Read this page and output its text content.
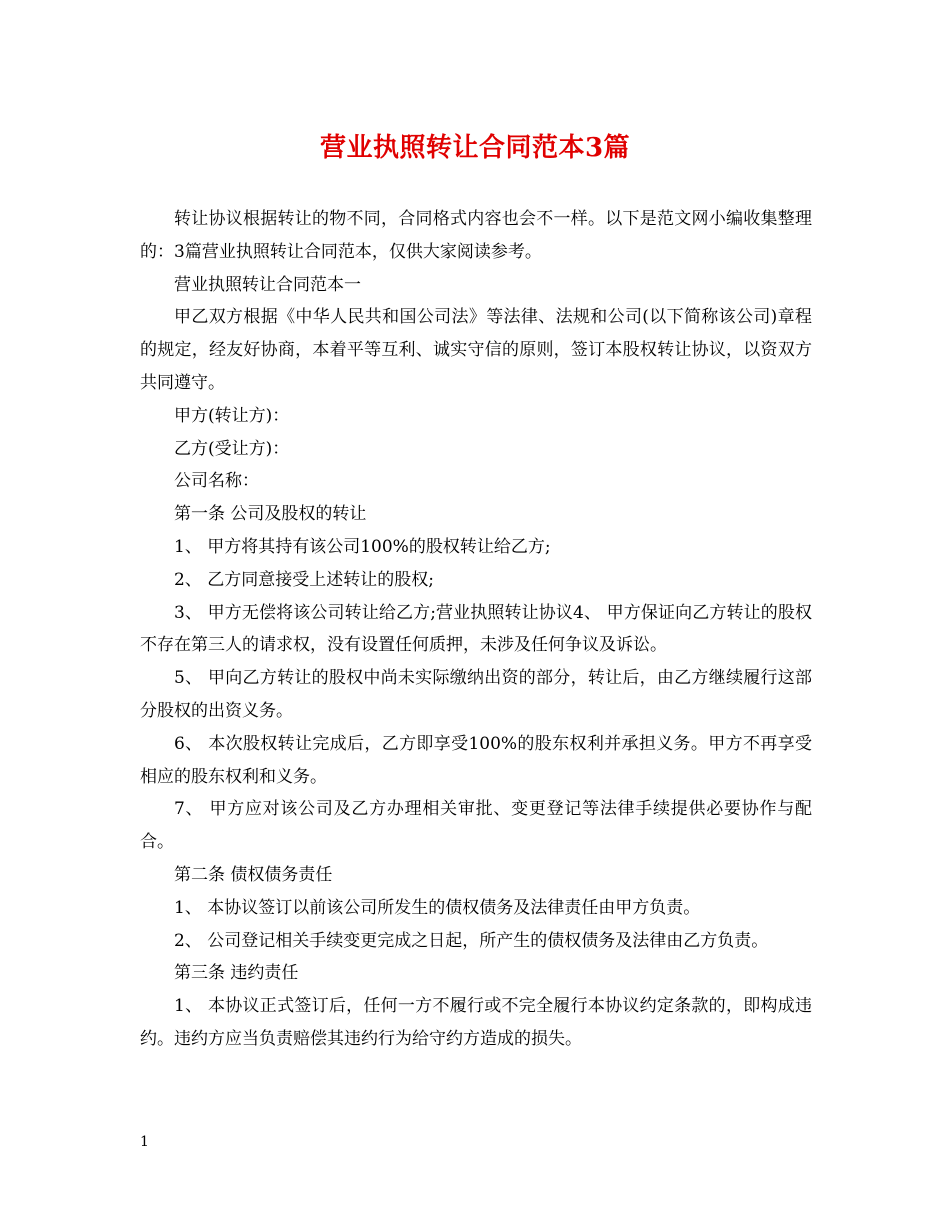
营业执照转让合同范本3篇

转让协议根据转让的物不同，合同格式内容也会不一样。以下是范文网小编收集整理的：3篇营业执照转让合同范本，仅供大家阅读参考。

营业执照转让合同范本一

甲乙双方根据《中华人民共和国公司法》等法律、法规和公司(以下简称该公司)章程的规定，经友好协商，本着平等互利、诚实守信的原则，签订本股权转让协议，以资双方共同遵守。

甲方(转让方)：

乙方(受让方)：

公司名称：

第一条 公司及股权的转让

1、 甲方将其持有该公司100%的股权转让给乙方;

2、 乙方同意接受上述转让的股权;

3、 甲方无偿将该公司转让给乙方;营业执照转让协议4、 甲方保证向乙方转让的股权不存在第三人的请求权，没有设置任何质押，未涉及任何争议及诉讼。

5、 甲向乙方转让的股权中尚未实际缴纳出资的部分，转让后，由乙方继续履行这部分股权的出资义务。

6、 本次股权转让完成后，乙方即享受100%的股东权利并承担义务。甲方不再享受相应的股东权利和义务。

7、 甲方应对该公司及乙方办理相关审批、变更登记等法律手续提供必要协作与配合。

第二条 债权债务责任

1、 本协议签订以前该公司所发生的债权债务及法律责任由甲方负责。

2、 公司登记相关手续变更完成之日起，所产生的债权债务及法律由乙方负责。

第三条 违约责任

1、 本协议正式签订后，任何一方不履行或不完全履行本协议约定条款的，即构成违约。违约方应当负责赔偿其违约行为给守约方造成的损失。

1
